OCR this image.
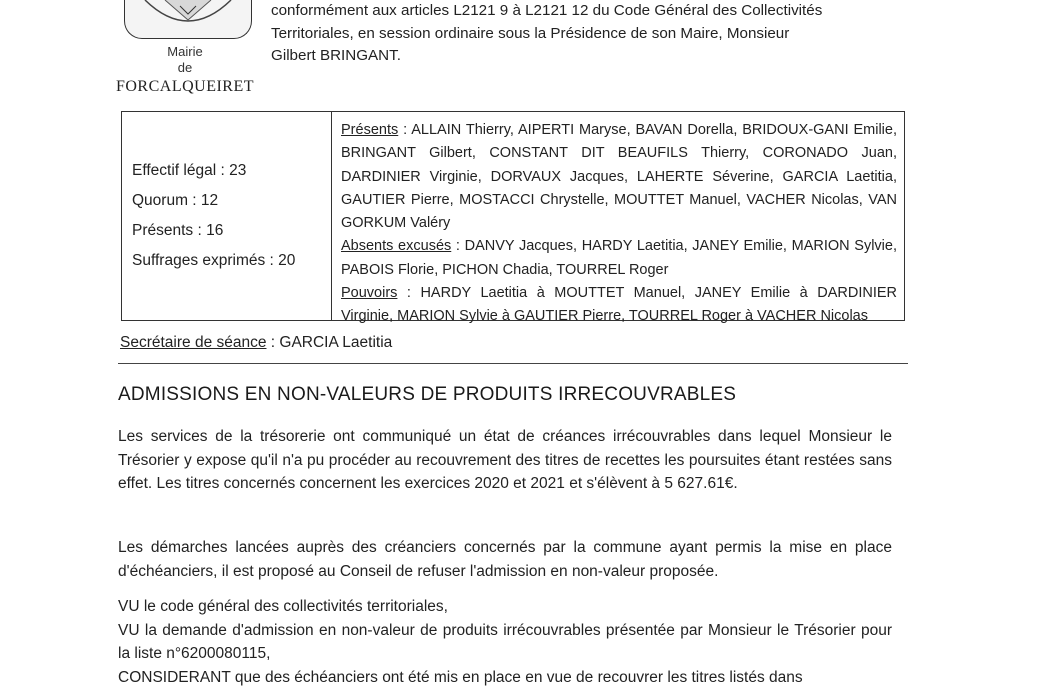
Mairie
de
FORCALQUEIRET

conformément aux articles L2121 9 à L2121 12 du Code Général des Collectivités

Territoriales, en session ordinaire sous la Présidence de son Maire, Monsieur

Gilbert BRINGANT.

Effectif légal : 23
Quorum : 12
Présents : 16
Suffrages exprimés : 20

Présents : ALLAIN Thierry, AIPERTI Maryse, BAVAN Dorella, BRIDOUX-GANI Emilie, BRINGANT Gilbert, CONSTANT DIT BEAUFILS Thierry, CORONADO Juan, DARDINIER Virginie, DORVAUX Jacques, LAHERTE Séverine, GARCIA Laetitia, GAUTIER Pierre, MOSTACCI Chrystelle, MOUTTET Manuel, VACHER Nicolas, VAN GORKUM Valéry

Absents excusés : DANVY Jacques, HARDY Laetitia, JANEY Emilie, MARION Sylvie, PABOIS Florie, PICHON Chadia, TOURREL Roger

Pouvoirs : HARDY Laetitia à MOUTTET Manuel, JANEY Emilie à DARDINIER Virginie, MARION Sylvie à GAUTIER Pierre, TOURREL Roger à VACHER Nicolas

Secrétaire de séance : GARCIA Laetitia
ADMISSIONS EN NON-VALEURS DE PRODUITS IRRECOUVRABLES

Les services de la trésorerie ont communiqué un état de créances irrécouvrables dans lequel Monsieur le Trésorier y expose qu'il n'a pu procéder au recouvrement des titres de recettes les poursuites étant restées sans effet. Les titres concernés concernent les exercices 2020 et 2021 et s'élèvent à 5 627.61€.

Les démarches lancées auprès des créanciers concernés par la commune ayant permis la mise en place d'échéanciers, il est proposé au Conseil de refuser l'admission en non-valeur proposée.

VU le code général des collectivités territoriales,

VU la demande d'admission en non-valeur de produits irrécouvrables présentée par Monsieur le Trésorier pour la liste n°6200080115,

CONSIDERANT que des échéanciers ont été mis en place en vue de recouvrer les titres listés dans
